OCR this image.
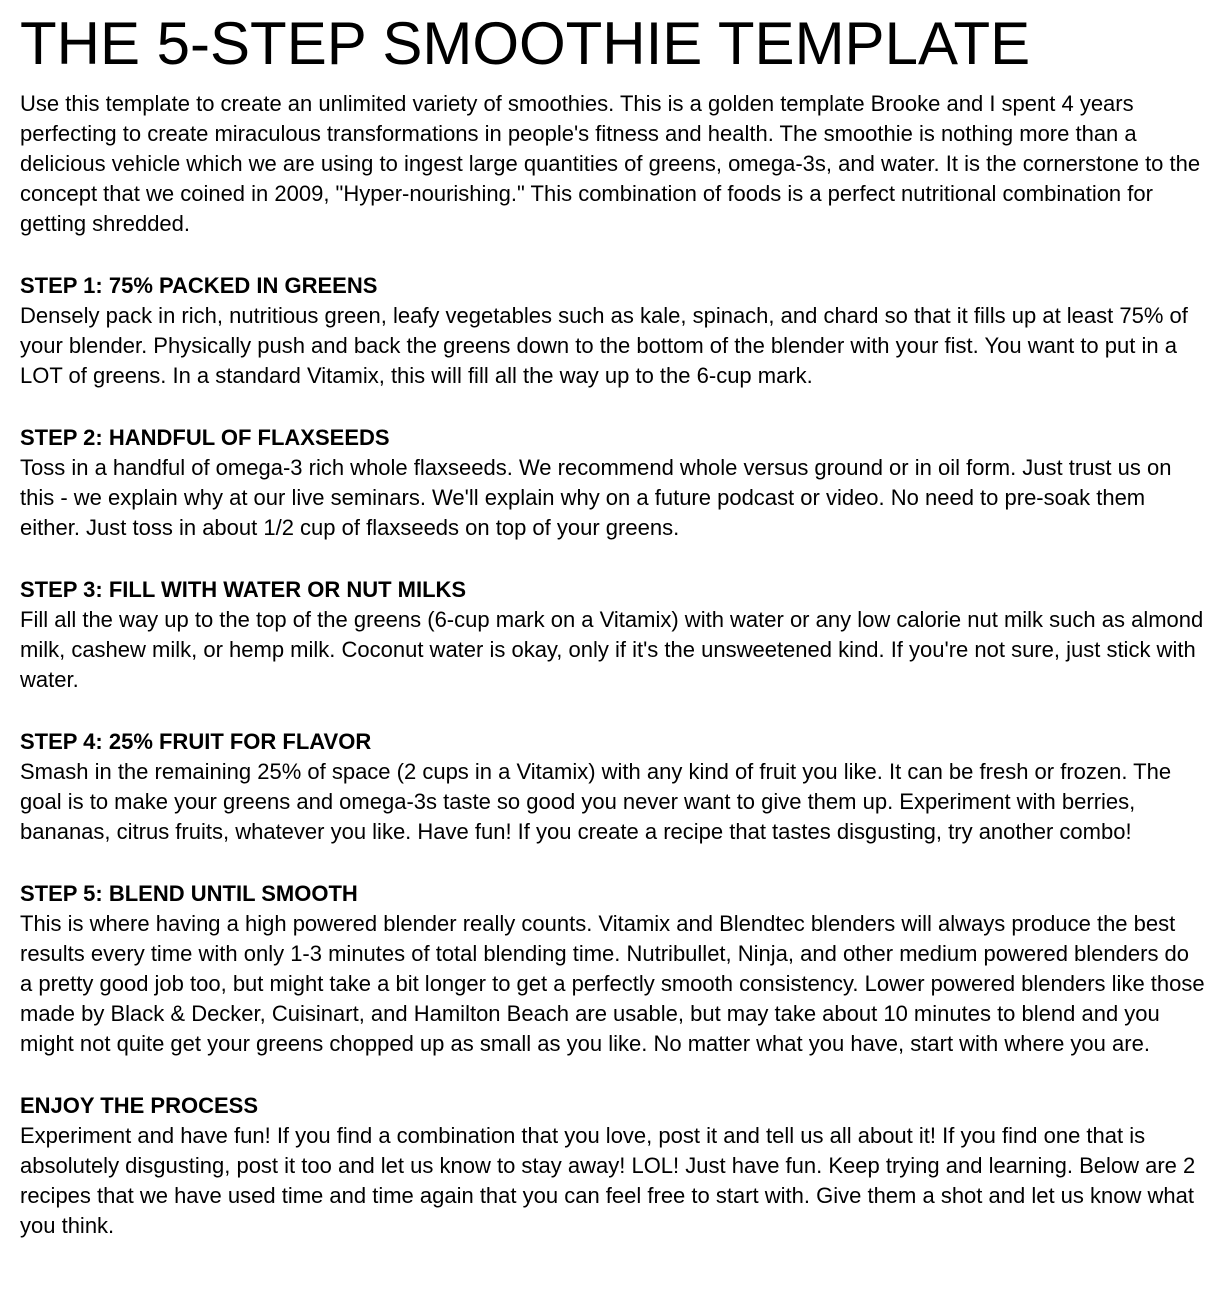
THE 5-STEP SMOOTHIE TEMPLATE

Use this template to create an unlimited variety of smoothies. This is a golden template Brooke and I spent 4 years perfecting to create miraculous transformations in people's fitness and health. The smoothie is nothing more than a delicious vehicle which we are using to ingest large quantities of greens, omega-3s, and water. It is the cornerstone to the concept that we coined in 2009, "Hyper-nourishing." This combination of foods is a perfect nutritional combination for getting shredded.

STEP 1: 75% PACKED IN GREENS

Densely pack in rich, nutritious green, leafy vegetables such as kale, spinach, and chard so that it fills up at least 75% of your blender. Physically push and back the greens down to the bottom of the blender with your fist. You want to put in a LOT of greens. In a standard Vitamix, this will fill all the way up to the 6-cup mark.

STEP 2: HANDFUL OF FLAXSEEDS

Toss in a handful of omega-3 rich whole flaxseeds. We recommend whole versus ground or in oil form. Just trust us on this - we explain why at our live seminars. We'll explain why on a future podcast or video. No need to pre-soak them either. Just toss in about 1/2 cup of flaxseeds on top of your greens.

STEP 3: FILL WITH WATER OR NUT MILKS

Fill all the way up to the top of the greens (6-cup mark on a Vitamix) with water or any low calorie nut milk such as almond milk, cashew milk, or hemp milk. Coconut water is okay, only if it's the unsweetened kind. If you're not sure, just stick with water.

STEP 4: 25% FRUIT FOR FLAVOR

Smash in the remaining 25% of space (2 cups in a Vitamix) with any kind of fruit you like. It can be fresh or frozen. The goal is to make your greens and omega-3s taste so good you never want to give them up. Experiment with berries, bananas, citrus fruits, whatever you like. Have fun! If you create a recipe that tastes disgusting, try another combo!

STEP 5: BLEND UNTIL SMOOTH

This is where having a high powered blender really counts. Vitamix and Blendtec blenders will always produce the best results every time with only 1-3 minutes of total blending time. Nutribullet, Ninja, and other medium powered blenders do a pretty good job too, but might take a bit longer to get a perfectly smooth consistency. Lower powered blenders like those made by Black & Decker, Cuisinart, and Hamilton Beach are usable, but may take about 10 minutes to blend and you might not quite get your greens chopped up as small as you like. No matter what you have, start with where you are.

ENJOY THE PROCESS

Experiment and have fun! If you find a combination that you love, post it and tell us all about it! If you find one that is absolutely disgusting, post it too and let us know to stay away! LOL! Just have fun. Keep trying and learning. Below are 2 recipes that we have used time and time again that you can feel free to start with. Give them a shot and let us know what you think.
